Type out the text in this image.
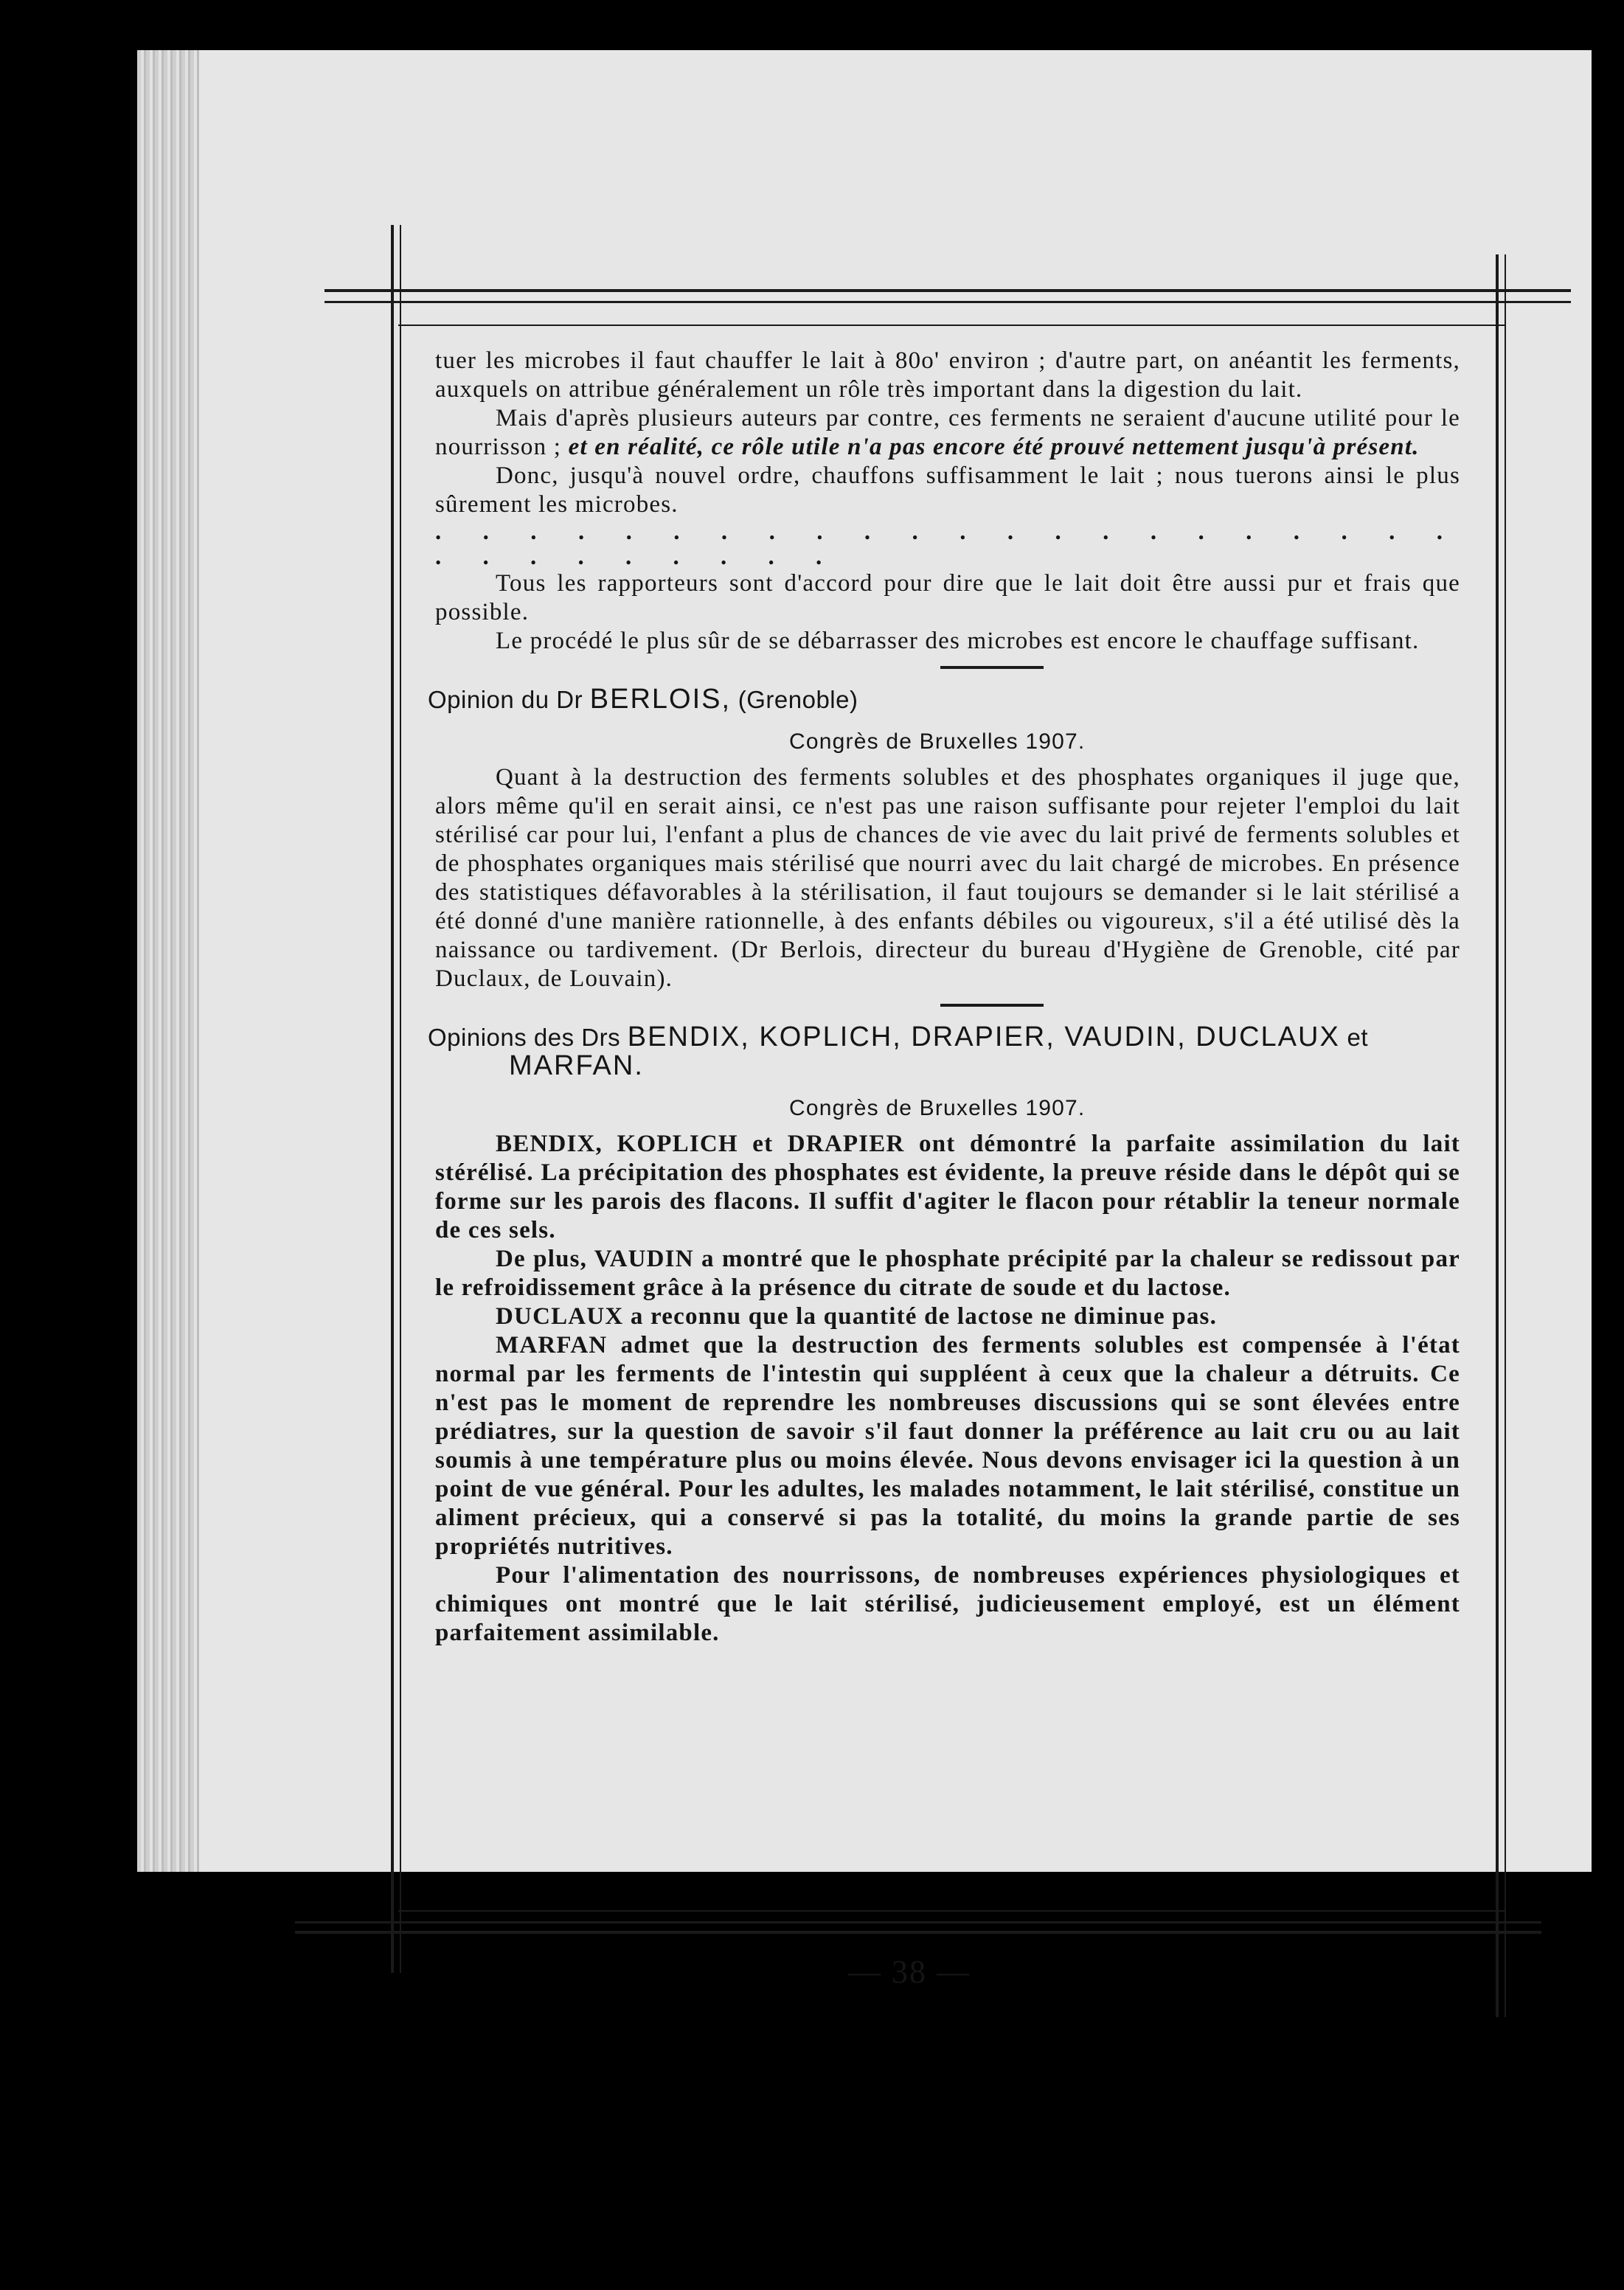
tuer les microbes il faut chauffer le lait à 80o' environ ; d'autre part, on anéantit les ferments, auxquels on attribue généralement un rôle très important dans la digestion du lait.

Mais d'après plusieurs auteurs par contre, ces ferments ne seraient d'aucune utilité pour le nourrisson ; et en réalité, ce rôle utile n'a pas encore été prouvé nettement jusqu'à présent.

Donc, jusqu'à nouvel ordre, chauffons suffisamment le lait ; nous tuerons ainsi le plus sûrement les microbes.

. . . . . . . . . . . . . . . . . . . . . . . . . . . . . . .

Tous les rapporteurs sont d'accord pour dire que le lait doit être aussi pur et frais que possible.

Le procédé le plus sûr de se débarrasser des microbes est encore le chauffage suffisant.

Opinion du Dr BERLOIS, (Grenoble)

Congrès de Bruxelles 1907.

Quant à la destruction des ferments solubles et des phosphates organiques il juge que, alors même qu'il en serait ainsi, ce n'est pas une raison suffisante pour rejeter l'emploi du lait stérilisé car pour lui, l'enfant a plus de chances de vie avec du lait privé de ferments solubles et de phosphates organiques mais stérilisé que nourri avec du lait chargé de microbes. En présence des statistiques défavorables à la stérilisation, il faut toujours se demander si le lait stérilisé a été donné d'une manière rationnelle, à des enfants débiles ou vigoureux, s'il a été utilisé dès la naissance ou tardivement. (Dr Berlois, directeur du bureau d'Hygiène de Grenoble, cité par Duclaux, de Louvain).

Opinions des Drs BENDIX, KOPLICH, DRAPIER, VAUDIN, DUCLAUX et
MARFAN.

Congrès de Bruxelles 1907.

BENDIX, KOPLICH et DRAPIER ont démontré la parfaite assimilation du lait stérélisé. La précipitation des phosphates est évidente, la preuve réside dans le dépôt qui se forme sur les parois des flacons. Il suffit d'agiter le flacon pour rétablir la teneur normale de ces sels.

De plus, VAUDIN a montré que le phosphate précipité par la chaleur se redissout par le refroidissement grâce à la présence du citrate de soude et du lactose.

DUCLAUX a reconnu que la quantité de lactose ne diminue pas.

MARFAN admet que la destruction des ferments solubles est compensée à l'état normal par les ferments de l'intestin qui suppléent à ceux que la chaleur a détruits. Ce n'est pas le moment de reprendre les nombreuses discussions qui se sont élevées entre prédiatres, sur la question de savoir s'il faut donner la préférence au lait cru ou au lait soumis à une température plus ou moins élevée. Nous devons envisager ici la question à un point de vue général. Pour les adultes, les malades notamment, le lait stérilisé, constitue un aliment précieux, qui a conservé si pas la totalité, du moins la grande partie de ses propriétés nutritives.

Pour l'alimentation des nourrissons, de nombreuses expériences physiologiques et chimiques ont montré que le lait stérilisé, judicieusement employé, est un élément parfaitement assimilable.

— 38 —
